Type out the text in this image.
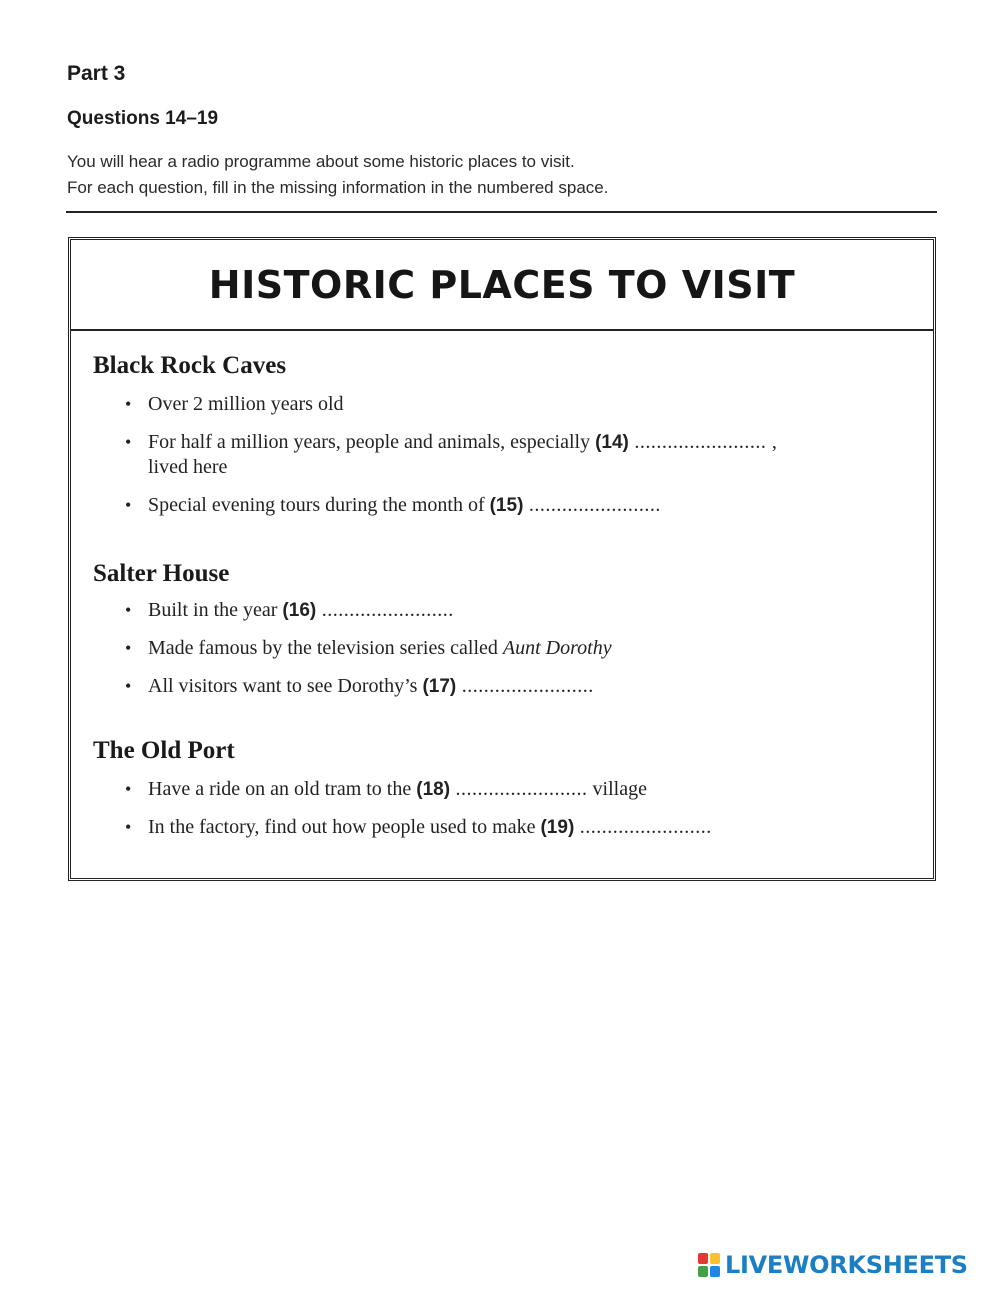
Part 3
Questions 14–19
You will hear a radio programme about some historic places to visit.
For each question, fill in the missing information in the numbered space.
HISTORIC PLACES TO VISIT
Black Rock Caves
• Over 2 million years old
• For half a million years, people and animals, especially (14) ........................ ,
lived here
• Special evening tours during the month of (15) ........................
Salter House
• Built in the year (16) ........................
• Made famous by the television series called Aunt Dorothy
• All visitors want to see Dorothy’s (17) ........................
The Old Port
• Have a ride on an old tram to the (18) ........................ village
• In the factory, find out how people used to make (19) ........................
LIVEWORKSHEETS
